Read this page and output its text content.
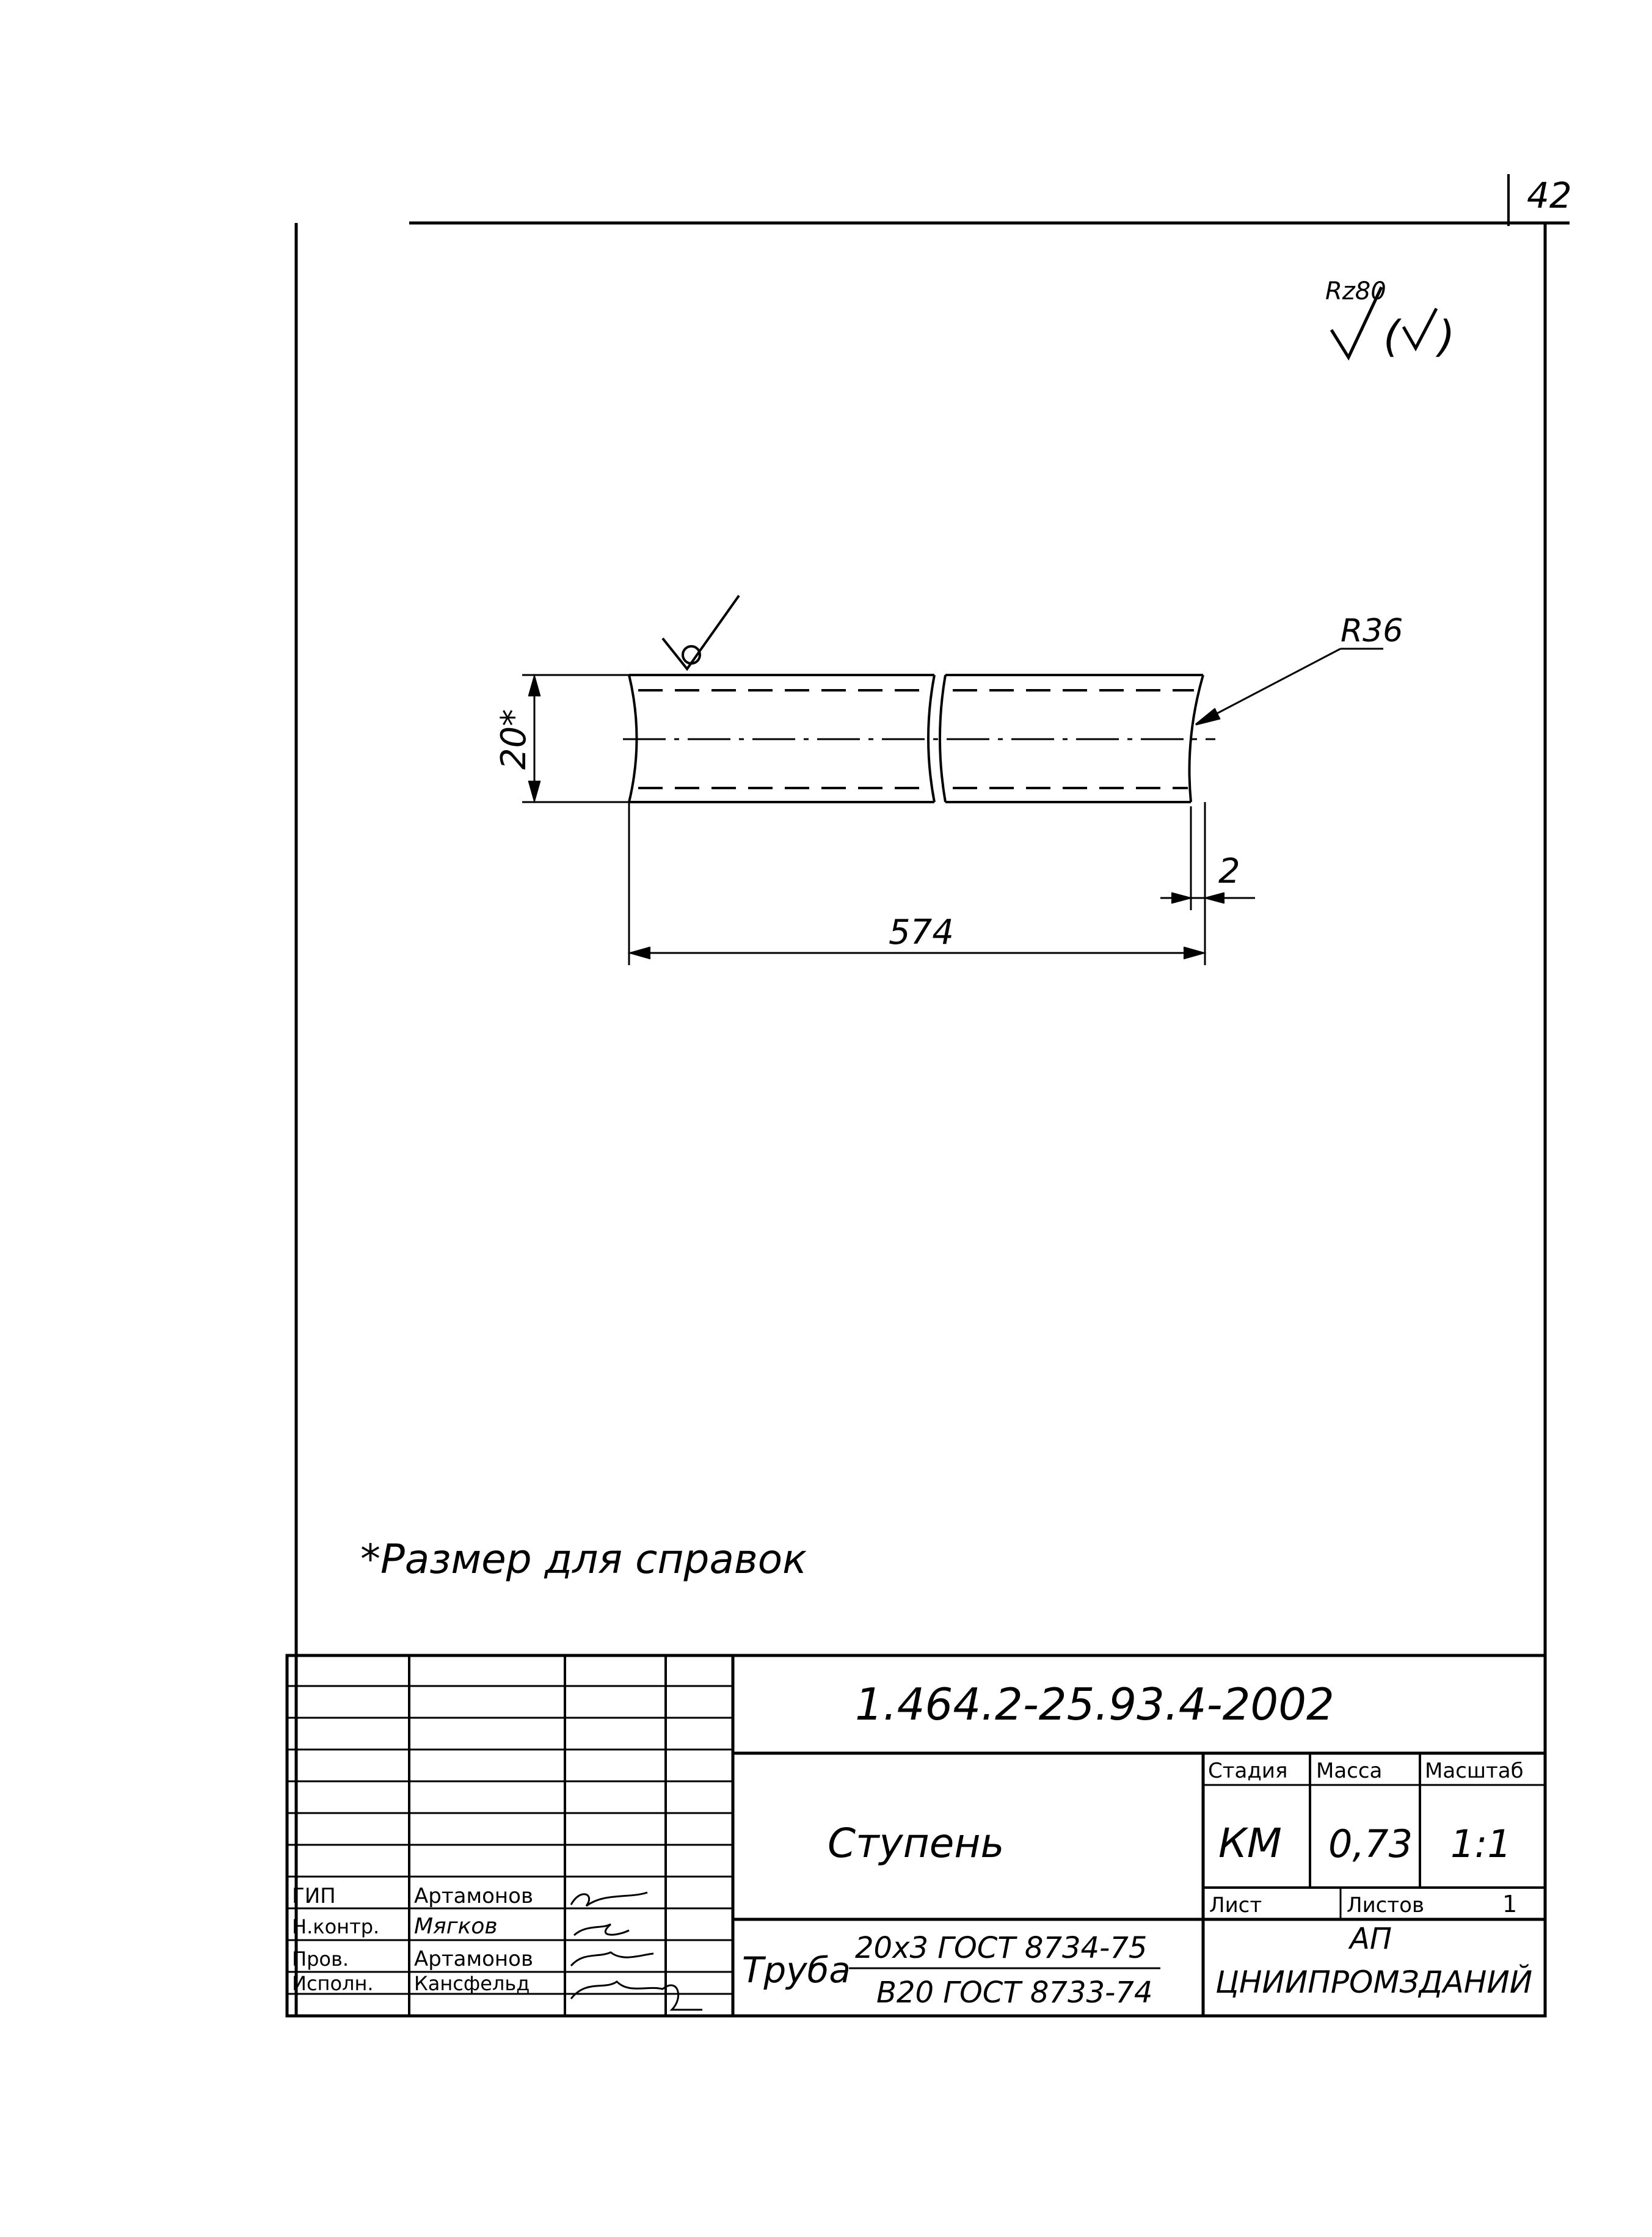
42
Rz80
( )
20*
574
2
R36
*Размер для справок
1.464.2-25.93.4-2002
Ступень
Стадия Масса Масштаб
КМ 0,73 1:1
Лист	Листов	1
Труба
20х3 ГОСТ 8734-75
В20 ГОСТ 8733-74
АП
ЦНИИПРОМЗДАНИЙ
ГИП
Н.контр.
Пров.
Исполн.
Артамонов
Мягков
Артамонов
Кансфельд
